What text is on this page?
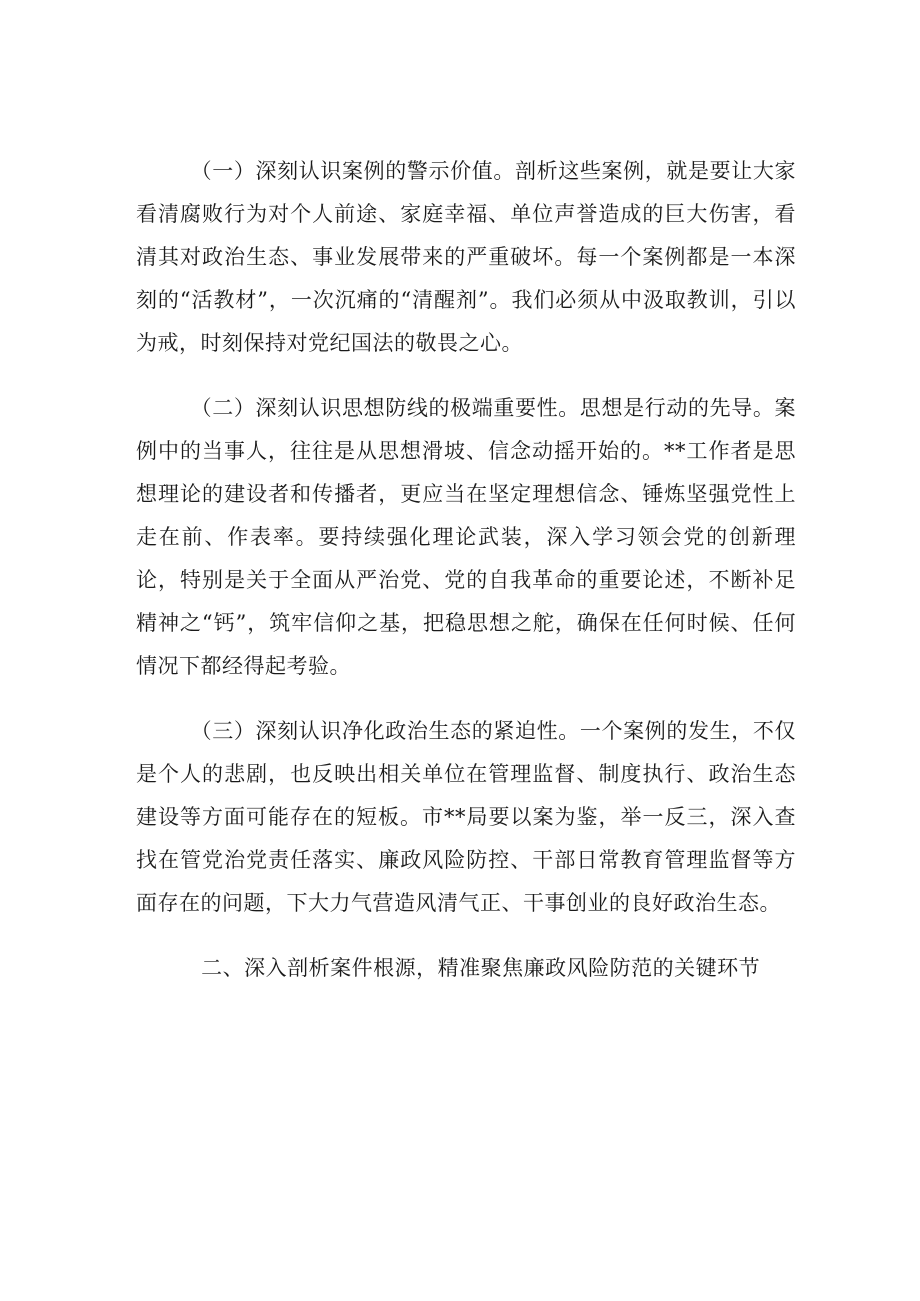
（一）深刻认识案例的警示价值。剖析这些案例，就是要让大家看清腐败行为对个人前途、家庭幸福、单位声誉造成的巨大伤害，看清其对政治生态、事业发展带来的严重破坏。每一个案例都是一本深刻的“活教材”，一次沉痛的“清醒剂”。我们必须从中汲取教训，引以为戒，时刻保持对党纪国法的敬畏之心。

（二）深刻认识思想防线的极端重要性。思想是行动的先导。案例中的当事人，往往是从思想滑坡、信念动摇开始的。**工作者是思想理论的建设者和传播者，更应当在坚定理想信念、锤炼坚强党性上走在前、作表率。要持续强化理论武装，深入学习领会党的创新理论，特别是关于全面从严治党、党的自我革命的重要论述，不断补足精神之“钙”，筑牢信仰之基，把稳思想之舵，确保在任何时候、任何情况下都经得起考验。

（三）深刻认识净化政治生态的紧迫性。一个案例的发生，不仅是个人的悲剧，也反映出相关单位在管理监督、制度执行、政治生态建设等方面可能存在的短板。市**局要以案为鉴，举一反三，深入查找在管党治党责任落实、廉政风险防控、干部日常教育管理监督等方面存在的问题，下大力气营造风清气正、干事创业的良好政治生态。

二、深入剖析案件根源，精准聚焦廉政风险防范的关键环节
